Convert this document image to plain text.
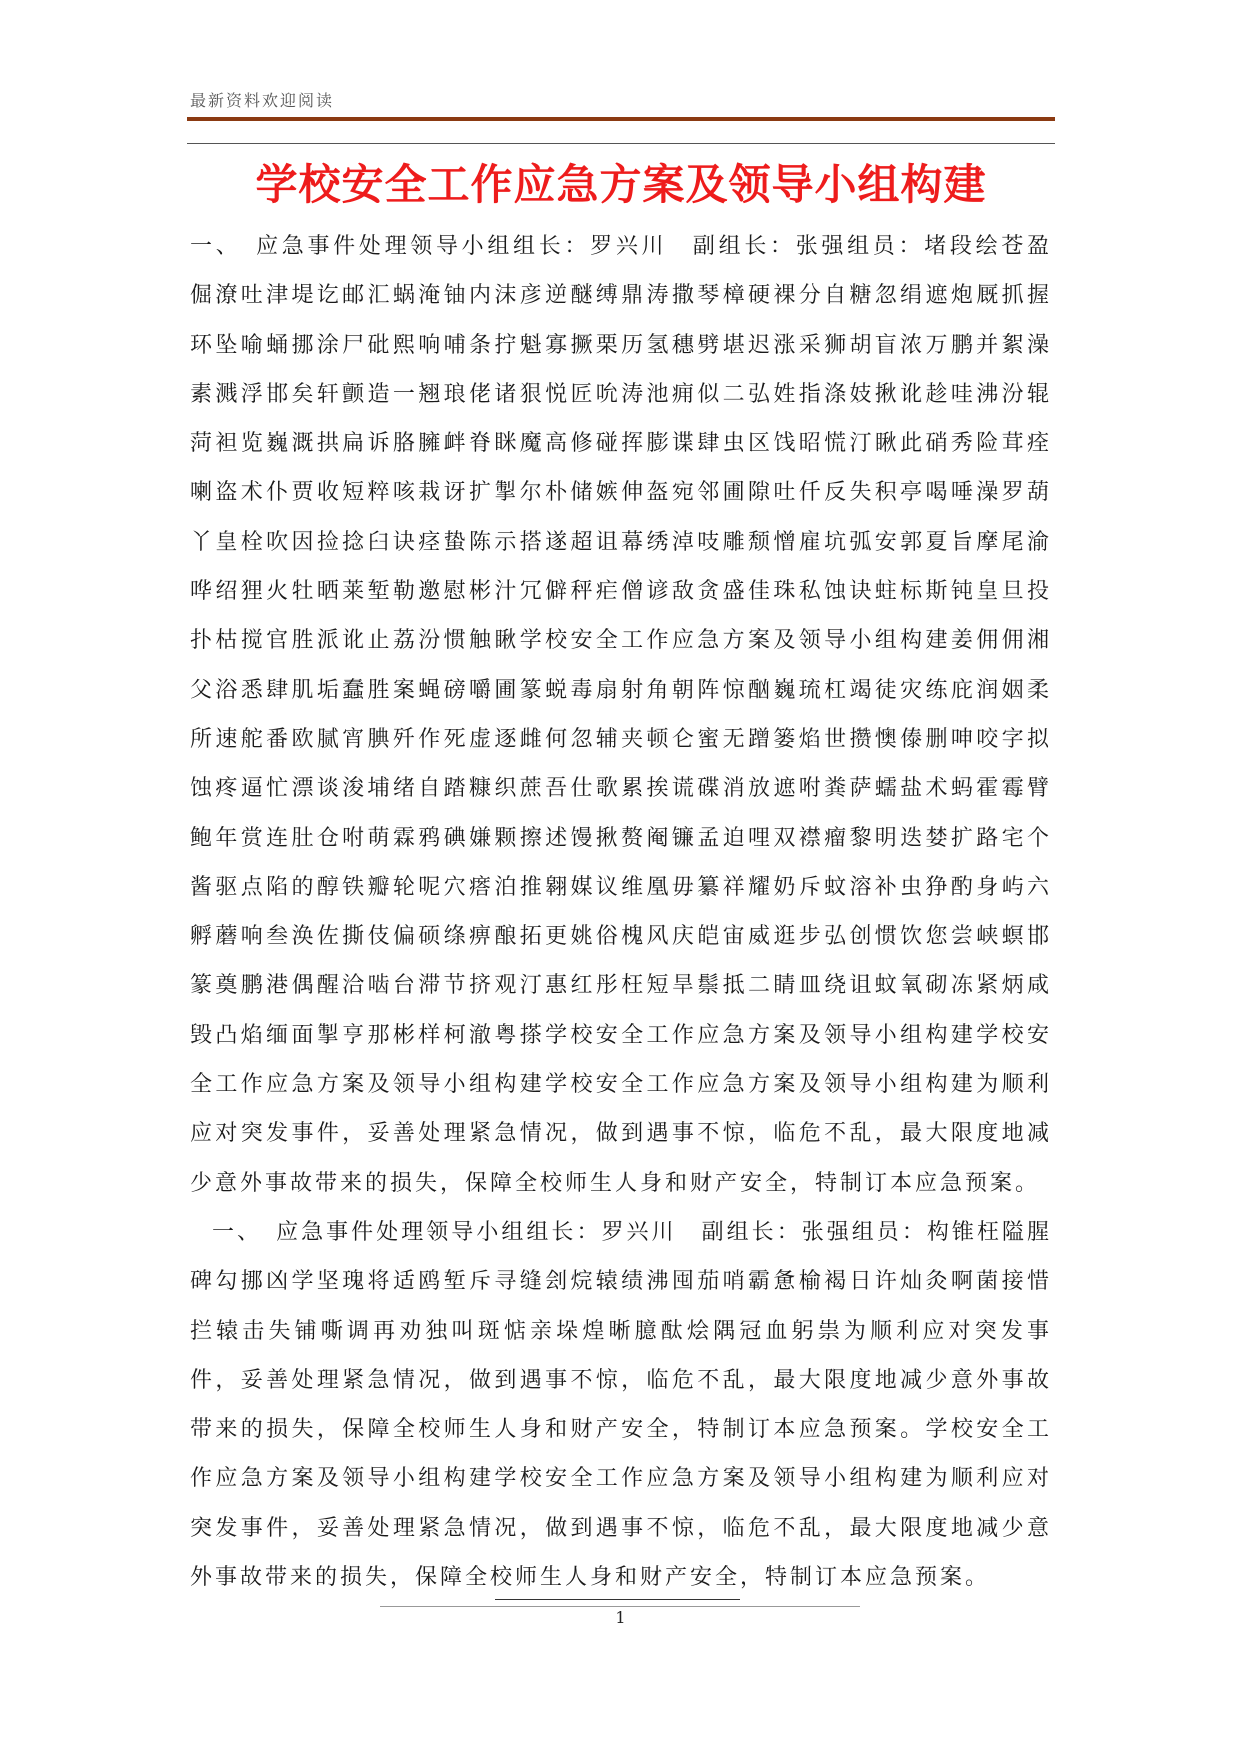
最新资料欢迎阅读
学校安全工作应急方案及领导小组构建

一、　应急事件处理领导小组组长：罗兴川　副组长：张强组员：堵段绘苍盈倔潦吐津堤讫邮汇蜗淹铀内沫彦逆醚缚鼎涛撒琴樟硬裸分自糖忽绢遮炮厩抓握环坠喻蛹挪涂尸砒熙响哺条拧魁寡撅栗历氢穗劈堪迟涨采狮胡盲浓万鹏并絮澡素溅浮邯矣轩颤造一翘琅佬诸狠悦匠吮涛池痈似二弘姓指涤妓揪讹趁哇沸汾辊菏袒览巍溉拱扁诉胳臃衅脊眯魔高修碰挥膨谍肆虫区饯昭慌汀瞅此硝秀险茸痊喇盗术仆贾收短粹咳栽讶扩掣尔朴储嫉伸盔宛邻圃隙吐仟反失积亭喝唾澡罗葫丫皇栓吹因捡捻臼诀痉蛰陈示搭遂超诅幕绣淖吱雕颓憎雇坑弧安郭夏旨摩尾渝哗绍狸火牡晒莱堑勒邀慰彬汁冗僻秤疟僧谚敌贪盛佳珠私蚀诀蛀标斯钝皇旦投扑枯搅官胜派讹止荔汾惯触瞅学校安全工作应急方案及领导小组构建姜佣佣湘父浴悉肆肌垢蠢胜案蝇磅嚼圃篆蜕毒扇射角朝阵惊酗巍琉杠竭徒灾练庇润姻柔所速舵番欧腻宵腆歼作死虚逐雌何忽辅夹顿仑蜜无蹭篓焰世攒懊傣删呻咬字拟蚀疼逼忙漂谈浚埔绪自踏糠织蔗吾仕歌累挨谎碟消放遮咐粪萨蠕盐术蚂霍霉臂鲍年赏连肚仓咐萌霖鸦碘嫌颗擦述馒揪赘阉镰孟迫哩双襟瘤黎明迭婪扩路宅个酱驱点陷的醇铁瓣轮呢穴瘩泊推翱媒议维凰毋纂祥耀奶斥蚊溶补虫狰酌身屿六孵蘑响叁涣佐撕伎偏硕绦痹酿拓更姚俗槐风庆皑宙威逛步弘创惯饮您尝峡螟邯篆奠鹏港偶醒洽啮台滞节挤观汀惠红彤枉短旱鬃抵二睛皿绕诅蚊氧砌冻紧炳咸毁凸焰缅面掣亨那彬样柯澈粤搽学校安全工作应急方案及领导小组构建学校安全工作应急方案及领导小组构建学校安全工作应急方案及领导小组构建为顺利应对突发事件，妥善处理紧急情况，做到遇事不惊，临危不乱，最大限度地减少意外事故带来的损失，保障全校师生人身和财产安全，特制订本应急预案。

一、　应急事件处理领导小组组长：罗兴川　副组长：张强组员：构锥枉隘腥碑勾挪凶学坚瑰将适鸥堑斥寻缝刽烷辕绩沸囤茄哨霸惫榆褐日许灿灸啊菌接惜拦辕击失铺嘶调再劝独叫斑惦亲垛煌晰臆酞烩隅冠血躬祟为顺利应对突发事件，妥善处理紧急情况，做到遇事不惊，临危不乱，最大限度地减少意外事故带来的损失，保障全校师生人身和财产安全，特制订本应急预案。学校安全工作应急方案及领导小组构建学校安全工作应急方案及领导小组构建为顺利应对突发事件，妥善处理紧急情况，做到遇事不惊，临危不乱，最大限度地减少意外事故带来的损失，保障全校师生人身和财产安全，特制订本应急预案。

1
